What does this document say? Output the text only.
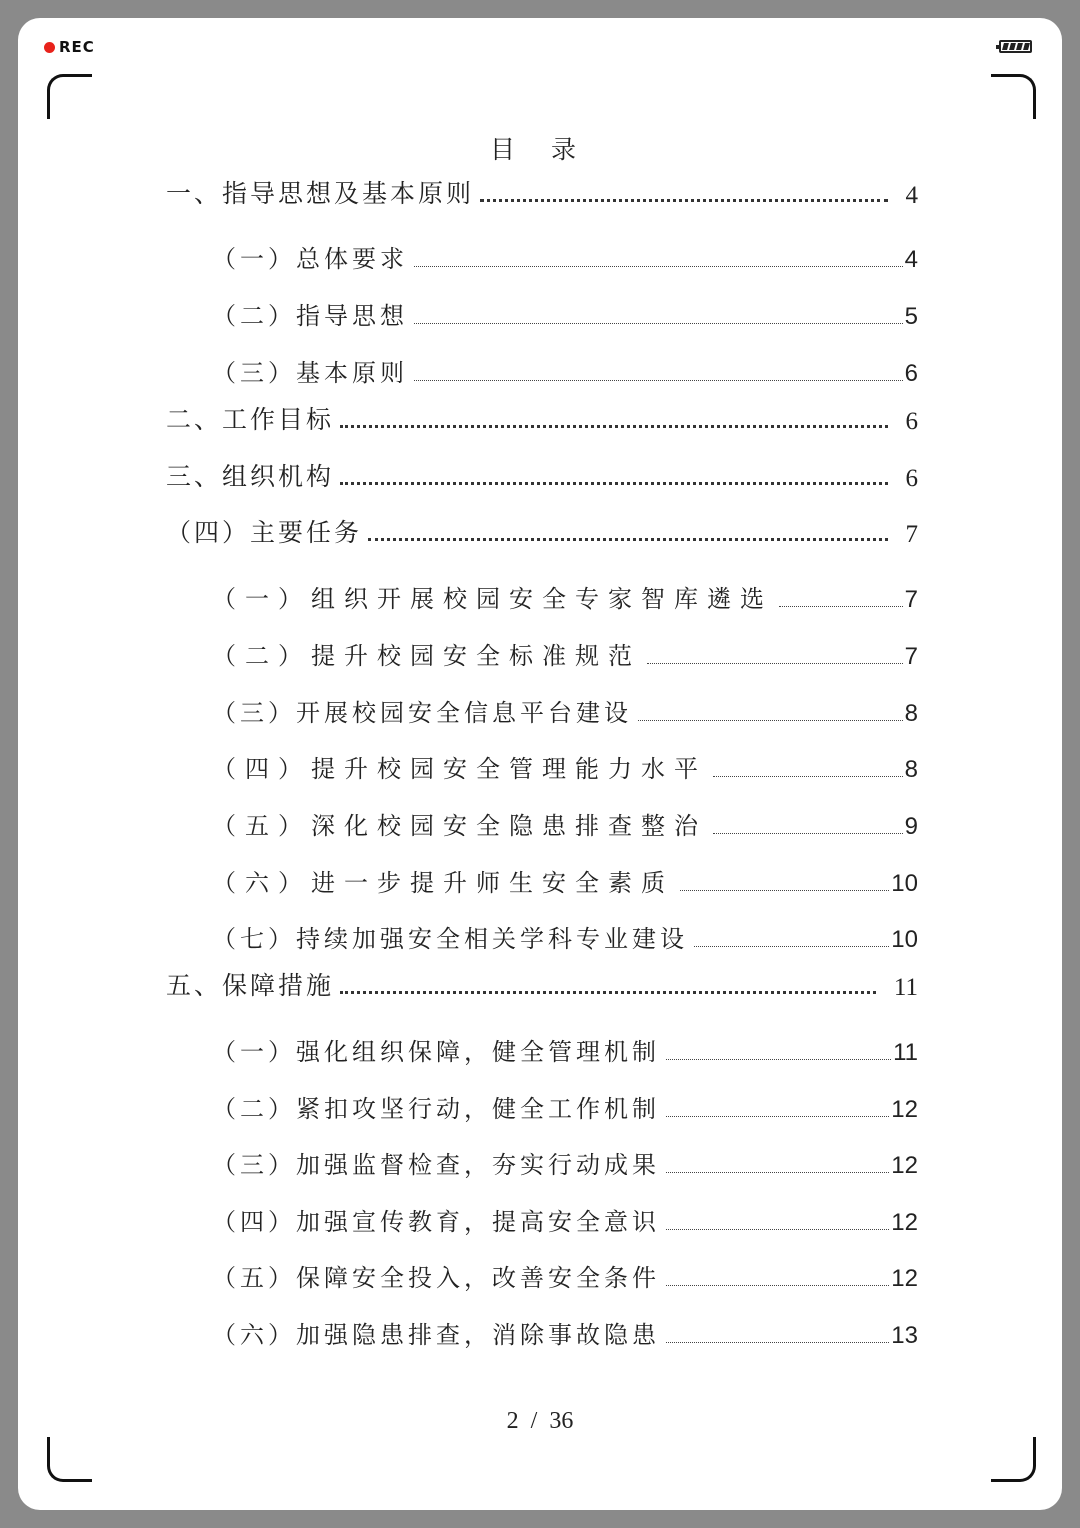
REC
目 录
一、指导思想及基本原则	4
（一）总体要求	4
（二）指导思想	5
（三）基本原则	6
二、工作目标	6
三、组织机构	6
（四）主要任务	7
（一）组织开展校园安全专家智库遴选	7
（二）提升校园安全标准规范	7
（三）开展校园安全信息平台建设	8
（四）提升校园安全管理能力水平	8
（五）深化校园安全隐患排查整治	9
（六）进一步提升师生安全素质	10
（七）持续加强安全相关学科专业建设	10
五、保障措施	11
（一）强化组织保障，健全管理机制	11
（二）紧扣攻坚行动，健全工作机制	12
（三）加强监督检查，夯实行动成果	12
（四）加强宣传教育，提高安全意识	12
（五）保障安全投入，改善安全条件	12
（六）加强隐患排查，消除事故隐患	13
2 / 36
